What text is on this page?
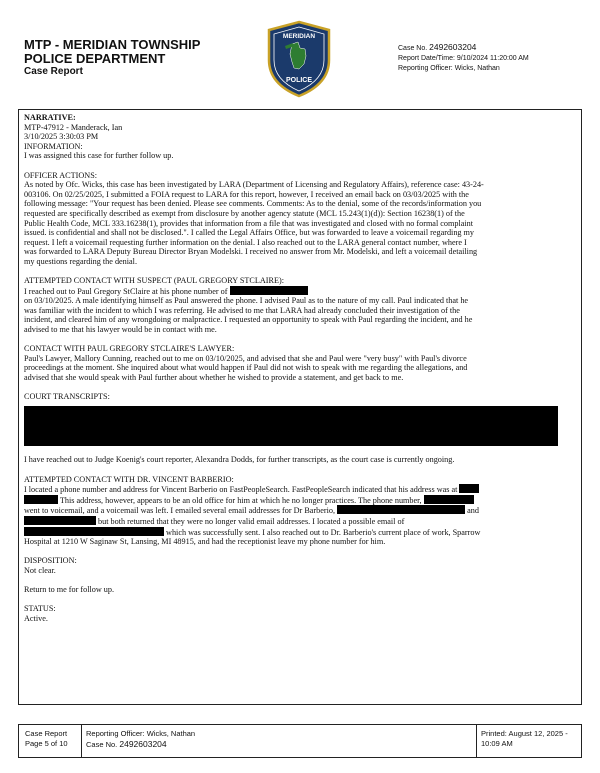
MTP - MERIDIAN TOWNSHIP
POLICE DEPARTMENT
Case Report
MERIDIAN
POLICE
Case No. 2492603204
Report Date/Time: 9/10/2024 11:20:00 AM
Reporting Officer: Wicks, Nathan

NARRATIVE:

MTP-47912 - Manderack, Ian

3/10/2025 3:30:03 PM

INFORMATION:

I was assigned this case for further follow up.

OFFICER ACTIONS:

As noted by Ofc. Wicks, this case has been investigated by LARA (Department of Licensing and Regulatory Affairs), reference case: 43-24-

003106. On 02/25/2025, I submitted a FOIA request to LARA for this report, however, I received an email back on 03/03/2025 with the

following message: "Your request has been denied. Please see comments. Comments: As to the denial, some of the records/information you

requested are specifically described as exempt from disclosure by another agency statute (MCL 15.243(1)(d)): Section 16238(1) of the

Public Health Code, MCL 333.16238(1), provides that information from a file that was investigated and closed with no formal complaint

issued. is confidential and shall not be disclosed.". I called the Legal Affairs Office, but was forwarded to leave a voicemail regarding my

request. I left a voicemail requesting further information on the denial. I also reached out to the LARA general contact number, where I

was forwarded to LARA Deputy Bureau Director Bryan Modelski. I received no answer from Mr. Modelski, and left a voicemail detailing

my questions regarding the denial.

ATTEMPTED CONTACT WITH SUSPECT (PAUL GREGORY STCLAIRE):

I reached out to Paul Gregory StClaire at his phone number of

on 03/10/2025. A male identifying himself as Paul answered the phone. I advised Paul as to the nature of my call. Paul indicated that he

was familiar with the incident to which I was referring. He advised to me that LARA had already concluded their investigation of the

incident, and cleared him of any wrongdoing or malpractice. I requested an opportunity to speak with Paul regarding the incident, and he

advised to me that his lawyer would be in contact with me.

CONTACT WITH PAUL GREGORY STCLAIRE'S LAWYER:

Paul's Lawyer, Mallory Cunning, reached out to me on 03/10/2025, and advised that she and Paul were "very busy" with Paul's divorce

proceedings at the moment. She inquired about what would happen if Paul did not wish to speak with me regarding the allegations, and

advised that she would speak with Paul further about whether he wished to provide a statement, and get back to me.

COURT TRANSCRIPTS:

I have reached out to Judge Koenig's court reporter, Alexandra Dodds, for further transcripts, as the court case is currently ongoing.

ATTEMPTED CONTACT WITH DR. VINCENT BARBERIO:

I located a phone number and address for Vincent Barberio on FastPeopleSearch. FastPeopleSearch indicated that his address was at

This address, however, appears to be an old office for him at which he no longer practices. The phone number,

went to voicemail, and a voicemail was left. I emailed several email addresses for Dr Barberio,	and

but both returned that they were no longer valid email addresses. I located a possible email of

which was successfully sent. I also reached out to Dr. Barberio's current place of work, Sparrow

Hospital at 1210 W Saginaw St, Lansing, MI 48915, and had the receptionist leave my phone number for him.

DISPOSITION:

Not clear.

Return to me for follow up.

STATUS:

Active.

Case Report
Page 5 of 10
Reporting Officer: Wicks, Nathan
Case No. 2492603204
Printed: August 12, 2025 - 10:09 AM
